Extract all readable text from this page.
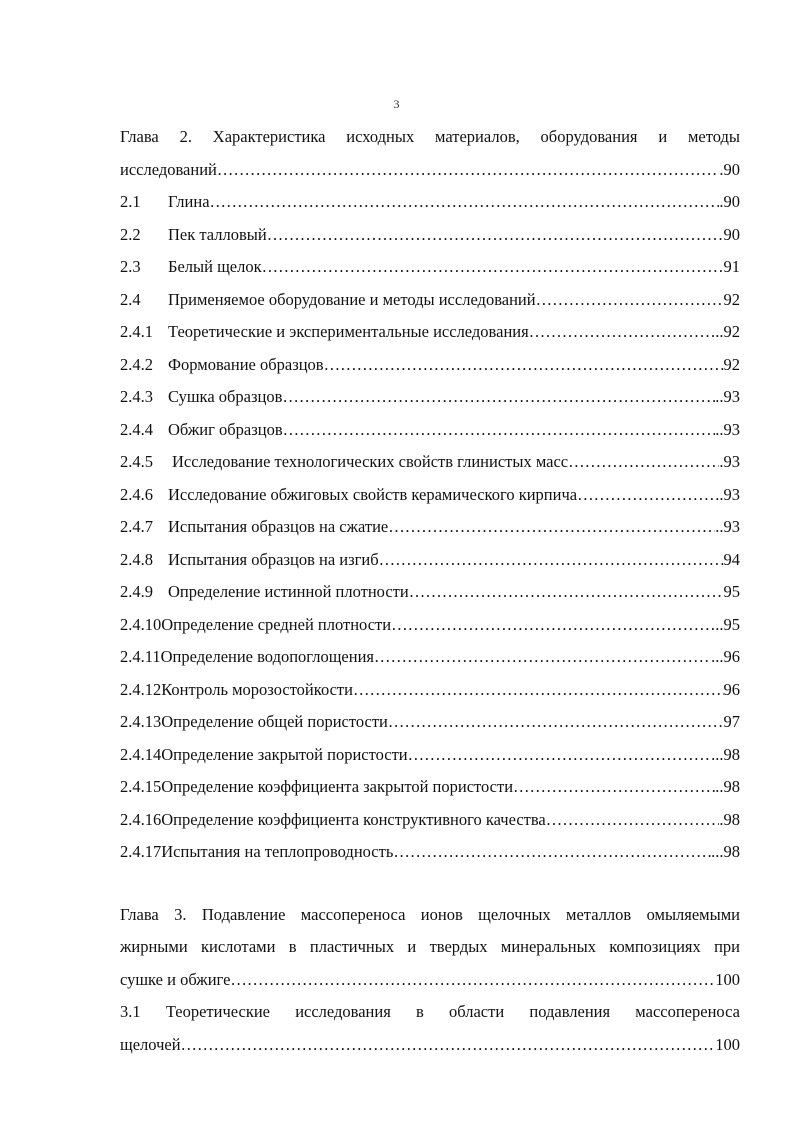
3
Глава 2. Характеристика исходных материалов, оборудования и методы
исследований ………………………………………………………………………………………………………………………………………………………………………………	.90
2.1	Глина ………………………………………………………………………………………………………………………………………………………………………………	.90
2.2	Пек талловый ………………………………………………………………………………………………………………………………………………………………………………	90
2.3	Белый щелок ………………………………………………………………………………………………………………………………………………………………………………	91
2.4	Применяемое оборудование и методы исследований ………………………………………………………………………………………………………………………………………………………………………………	92
2.4.1 Теоретические и экспериментальные исследования ………………………………………………………………………………………………………………………………………………………………………………	..92
2.4.2 Формование образцов ………………………………………………………………………………………………………………………………………………………………………………	92
2.4.3 Сушка образцов ………………………………………………………………………………………………………………………………………………………………………………	..93
2.4.4 Обжиг образцов ………………………………………………………………………………………………………………………………………………………………………………	..93
2.4.5	Исследование технологических свойств глинистых масс ………………………………………………………………………………………………………………………………………………………………………………	.93
2.4.6 Исследование обжиговых свойств керамического кирпича ………………………………………………………………………………………………………………………………………………………………………………	..93
2.4.7 Испытания образцов на сжатие ………………………………………………………………………………………………………………………………………………………………………………	..93
2.4.8 Испытания образцов на изгиб ………………………………………………………………………………………………………………………………………………………………………………	94
2.4.9 Определение истинной плотности ………………………………………………………………………………………………………………………………………………………………………………	95
2.4.10 Определение средней плотности ………………………………………………………………………………………………………………………………………………………………………………	..95
2.4.11 Определение водопоглощения ………………………………………………………………………………………………………………………………………………………………………………	...96
2.4.12 Контроль морозостойкости ………………………………………………………………………………………………………………………………………………………………………………	96
2.4.13 Определение общей пористости ………………………………………………………………………………………………………………………………………………………………………………	97
2.4.14 Определение закрытой пористости ………………………………………………………………………………………………………………………………………………………………………………	...98
2.4.15 Определение коэффициента закрытой пористости ………………………………………………………………………………………………………………………………………………………………………………	..98
2.4.16 Определение коэффициента конструктивного качества ………………………………………………………………………………………………………………………………………………………………………………	.98
2.4.17 Испытания на теплопроводность ………………………………………………………………………………………………………………………………………………………………………………	...98
Глава 3. Подавление массопереноса ионов щелочных металлов омыляемыми
жирными кислотами в пластичных и твердых минеральных композициях при
сушке и обжиге ………………………………………………………………………………………………………………………………………………………………………………	100
3.1 Теоретические исследования в области подавления массопереноса
щелочей ………………………………………………………………………………………………………………………………………………………………………………	100
